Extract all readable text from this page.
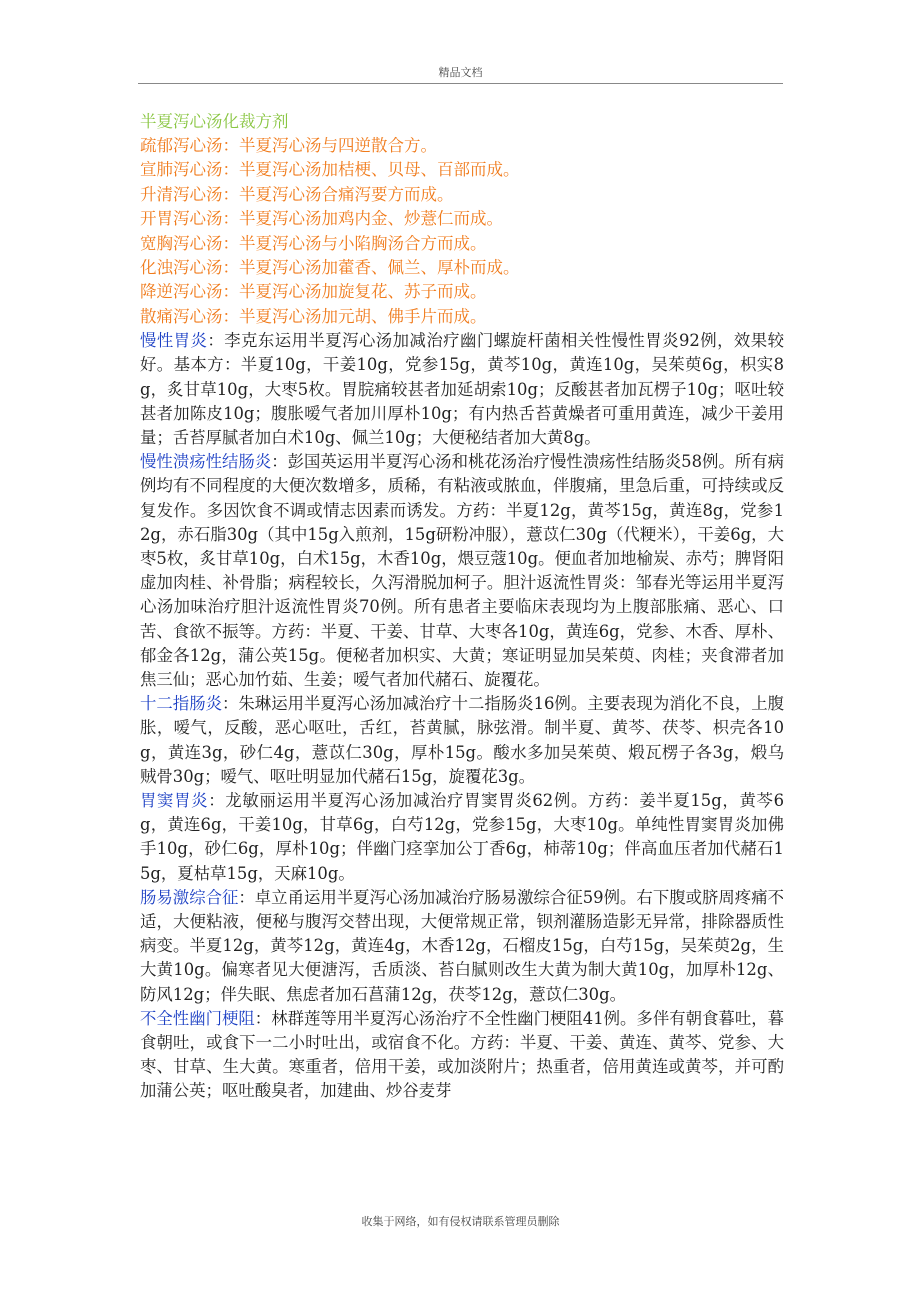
精品文档
半夏泻心汤化裁方剂
疏郁泻心汤：半夏泻心汤与四逆散合方。
宣肺泻心汤：半夏泻心汤加桔梗、贝母、百部而成。
升清泻心汤：半夏泻心汤合痛泻要方而成。
开胃泻心汤：半夏泻心汤加鸡内金、炒薏仁而成。
宽胸泻心汤：半夏泻心汤与小陷胸汤合方而成。
化浊泻心汤：半夏泻心汤加藿香、佩兰、厚朴而成。
降逆泻心汤：半夏泻心汤加旋复花、苏子而成。
散痛泻心汤：半夏泻心汤加元胡、佛手片而成。

慢性胃炎：李克东运用半夏泻心汤加减治疗幽门螺旋杆菌相关性慢性胃炎92例，效果较好。基本方：半夏10g，干姜10g，党参15g，黄芩10g，黄连10g，吴茱萸6g，枳实8g，炙甘草10g，大枣5枚。胃脘痛较甚者加延胡索10g；反酸甚者加瓦楞子10g；呕吐较甚者加陈皮10g；腹胀嗳气者加川厚朴10g；有内热舌苔黄燥者可重用黄连，减少干姜用量；舌苔厚腻者加白术10g、佩兰10g；大便秘结者加大黄8g。

慢性溃疡性结肠炎：彭国英运用半夏泻心汤和桃花汤治疗慢性溃疡性结肠炎58例。所有病例均有不同程度的大便次数增多，质稀，有粘液或脓血，伴腹痛，里急后重，可持续或反复发作。多因饮食不调或情志因素而诱发。方药：半夏12g，黄芩15g，黄连8g，党参12g，赤石脂30g（其中15g入煎剂，15g研粉冲服），薏苡仁30g（代粳米），干姜6g，大枣5枚，炙甘草10g，白术15g，木香10g，煨豆蔻10g。便血者加地榆炭、赤芍；脾肾阳虚加肉桂、补骨脂；病程较长，久泻滑脱加柯子。胆汁返流性胃炎：邹春光等运用半夏泻心汤加味治疗胆汁返流性胃炎70例。所有患者主要临床表现均为上腹部胀痛、恶心、口苦、食欲不振等。方药：半夏、干姜、甘草、大枣各10g，黄连6g，党参、木香、厚朴、郁金各12g，蒲公英15g。便秘者加枳实、大黄；寒证明显加吴茱萸、肉桂；夹食滞者加焦三仙；恶心加竹茹、生姜；嗳气者加代赭石、旋覆花。

十二指肠炎：朱琳运用半夏泻心汤加减治疗十二指肠炎16例。主要表现为消化不良，上腹胀，嗳气，反酸，恶心呕吐，舌红，苔黄腻，脉弦滑。制半夏、黄芩、茯苓、枳壳各10g，黄连3g，砂仁4g，薏苡仁30g，厚朴15g。酸水多加吴茱萸、煅瓦楞子各3g，煅乌贼骨30g；嗳气、呕吐明显加代赭石15g，旋覆花3g。

胃窦胃炎：龙敏丽运用半夏泻心汤加减治疗胃窦胃炎62例。方药：姜半夏15g，黄芩6g，黄连6g，干姜10g，甘草6g，白芍12g，党参15g，大枣10g。单纯性胃窦胃炎加佛手10g，砂仁6g，厚朴10g；伴幽门痉挛加公丁香6g，柿蒂10g；伴高血压者加代赭石15g，夏枯草15g，天麻10g。

肠易激综合征：卓立甬运用半夏泻心汤加减治疗肠易激综合征59例。右下腹或脐周疼痛不适，大便粘液，便秘与腹泻交替出现，大便常规正常，钡剂灌肠造影无异常，排除器质性病变。半夏12g，黄芩12g，黄连4g，木香12g，石榴皮15g，白芍15g，吴茱萸2g，生大黄10g。偏寒者见大便溏泻，舌质淡、苔白腻则改生大黄为制大黄10g，加厚朴12g、防风12g；伴失眠、焦虑者加石菖蒲12g，茯苓12g，薏苡仁30g。

不全性幽门梗阻：林群莲等用半夏泻心汤治疗不全性幽门梗阻41例。多伴有朝食暮吐，暮食朝吐，或食下一二小时吐出，或宿食不化。方药：半夏、干姜、黄连、黄芩、党参、大枣、甘草、生大黄。寒重者，倍用干姜，或加淡附片；热重者，倍用黄连或黄芩，并可酌加蒲公英；呕吐酸臭者，加建曲、炒谷麦芽

收集于网络，如有侵权请联系管理员删除
